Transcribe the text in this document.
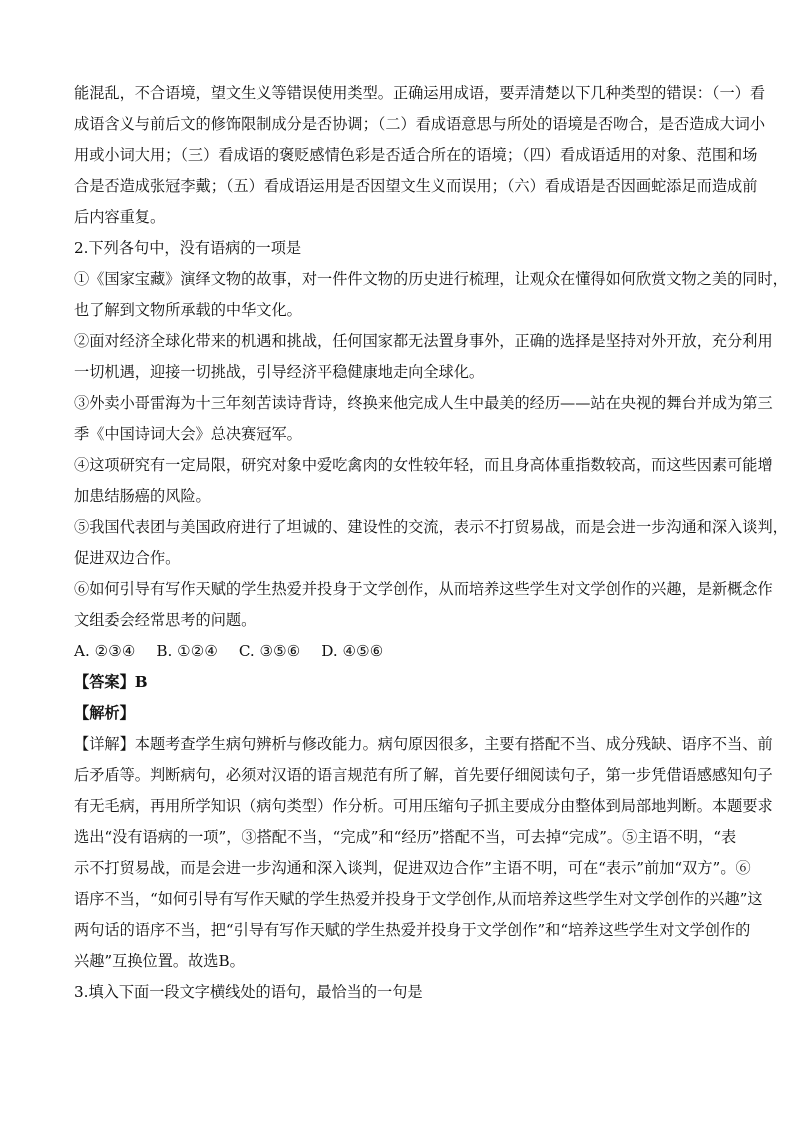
能混乱，不合语境，望文生义等错误使用类型。正确运用成语，要弄清楚以下几种类型的错误：（一）看
成语含义与前后文的修饰限制成分是否协调；（二）看成语意思与所处的语境是否吻合，是否造成大词小
用或小词大用；（三）看成语的褒贬感情色彩是否适合所在的语境；（四）看成语适用的对象、范围和场
合是否造成张冠李戴；（五）看成语运用是否因望文生义而误用；（六）看成语是否因画蛇添足而造成前
后内容重复。
2.下列各句中，没有语病的一项是
①《国家宝藏》演绎文物的故事，对一件件文物的历史进行梳理，让观众在懂得如何欣赏文物之美的同时，
也了解到文物所承载的中华文化。
②面对经济全球化带来的机遇和挑战，任何国家都无法置身事外，正确的选择是坚持对外开放，充分利用
一切机遇，迎接一切挑战，引导经济平稳健康地走向全球化。
③外卖小哥雷海为十三年刻苦读诗背诗，终换来他完成人生中最美的经历——站在央视的舞台并成为第三
季《中国诗词大会》总决赛冠军。
④这项研究有一定局限，研究对象中爱吃禽肉的女性较年轻，而且身高体重指数较高，而这些因素可能增
加患结肠癌的风险。
⑤我国代表团与美国政府进行了坦诚的、建设性的交流，表示不打贸易战，而是会进一步沟通和深入谈判，
促进双边合作。
⑥如何引导有写作天赋的学生热爱并投身于文学创作，从而培养这些学生对文学创作的兴趣，是新概念作
文组委会经常思考的问题。
A. ②③④ B. ①②④ C. ③⑤⑥ D. ④⑤⑥
【答案】B
【解析】
【详解】本题考查学生病句辨析与修改能力。病句原因很多，主要有搭配不当、成分残缺、语序不当、前
后矛盾等。判断病句，必须对汉语的语言规范有所了解，首先要仔细阅读句子，第一步凭借语感感知句子
有无毛病，再用所学知识（病句类型）作分析。可用压缩句子抓主要成分由整体到局部地判断。本题要求
选出“没有语病的一项”，③搭配不当，“完成”和“经历”搭配不当，可去掉“完成”。⑤主语不明，“表
示不打贸易战，而是会进一步沟通和深入谈判，促进双边合作”主语不明，可在“表示”前加“双方”。⑥
语序不当，“如何引导有写作天赋的学生热爱并投身于文学创作,从而培养这些学生对文学创作的兴趣”这
两句话的语序不当，把“引导有写作天赋的学生热爱并投身于文学创作”和“培养这些学生对文学创作的
兴趣”互换位置。故选B。
3.填入下面一段文字横线处的语句，最恰当的一句是
